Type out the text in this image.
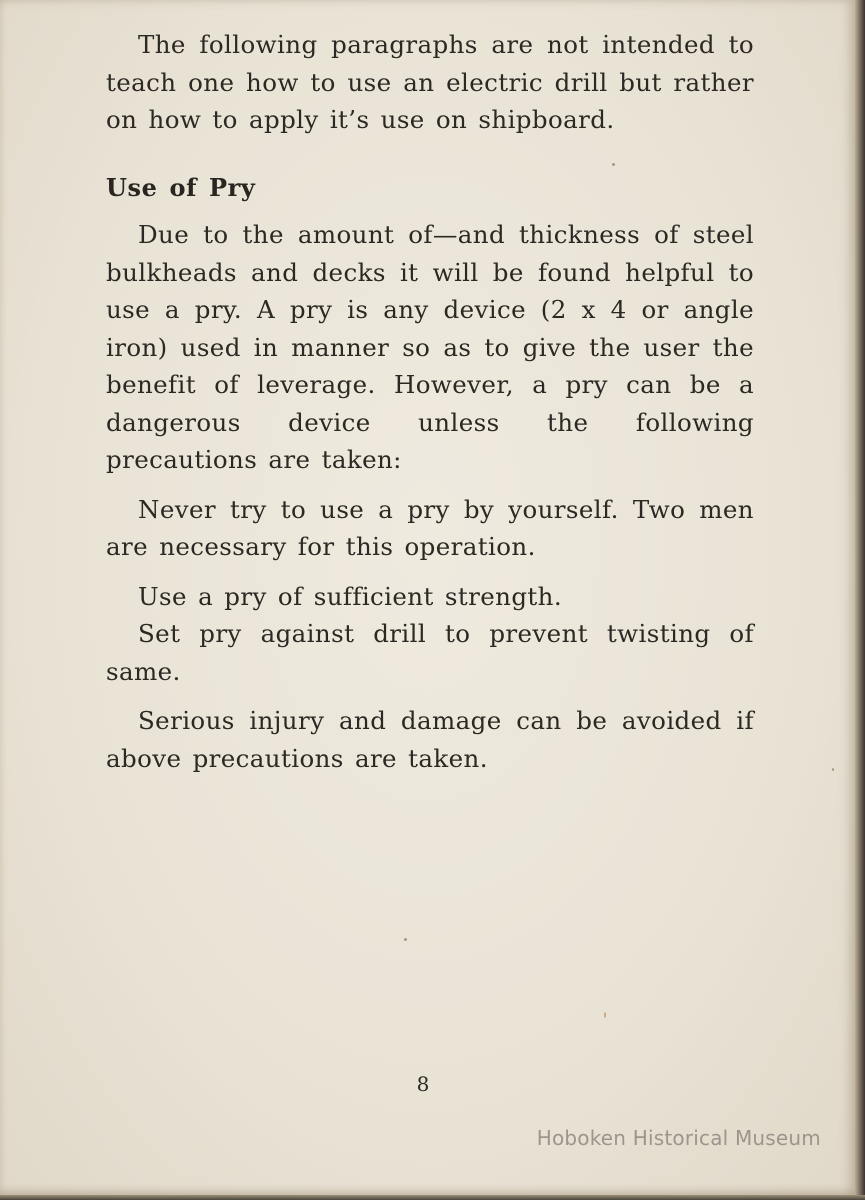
The following paragraphs are not intended to teach one how to use an electric drill but rather on how to apply it’s use on shipboard.

Use of Pry

Due to the amount of—and thickness of steel bulkheads and decks it will be found helpful to use a pry. A pry is any device (2 x 4 or angle iron) used in manner so as to give the user the benefit of leverage. However, a pry can be a dangerous device unless the following precautions are taken:

Never try to use a pry by yourself. Two men are necessary for this operation.

Use a pry of sufficient strength.

Set pry against drill to prevent twisting of same.

Serious injury and damage can be avoided if above precautions are taken.

8
Hoboken Historical Museum
